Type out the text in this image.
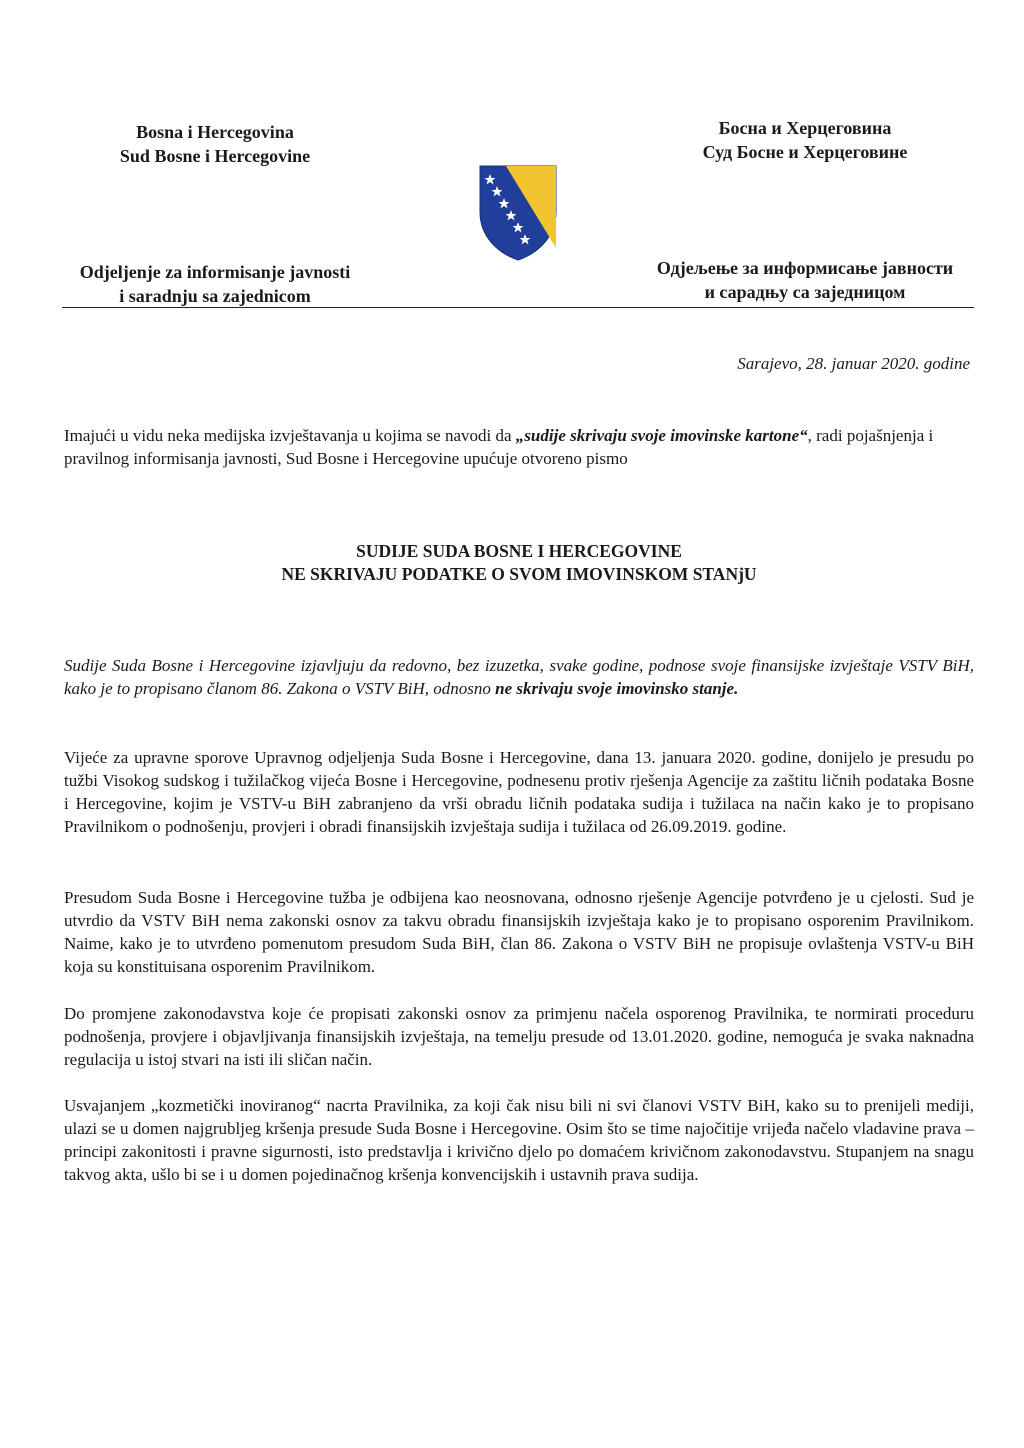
Bosna i Hercegovina
Sud Bosne i Hercegovine
Босна и Херцеговина
Суд Босне и Херцеговине
Odjeljenje za informisanje javnosti
i saradnju sa zajednicom
Одјељење за информисање јавности
и сарадњу са заједницом
Sarajevo, 28. januar 2020. godine
Imajući u vidu neka medijska izvještavanja u kojima se navodi da „sudije skrivaju svoje imovinske kartone“, radi pojašnjenja i pravilnog informisanja javnosti, Sud Bosne i Hercegovine upućuje otvoreno pismo
SUDIJE SUDA BOSNE I HERCEGOVINE
NE SKRIVAJU PODATKE O SVOM IMOVINSKOM STANjU
Sudije Suda Bosne i Hercegovine izjavljuju da redovno, bez izuzetka, svake godine, podnose svoje finansijske izvještaje VSTV BiH, kako je to propisano članom 86. Zakona o VSTV BiH, odnosno ne skrivaju svoje imovinsko stanje.
Vijeće za upravne sporove Upravnog odjeljenja Suda Bosne i Hercegovine, dana 13. januara 2020. godine, donijelo je presudu po tužbi Visokog sudskog i tužilačkog vijeća Bosne i Hercegovine, podnesenu protiv rješenja Agencije za zaštitu ličnih podataka Bosne i Hercegovine, kojim je VSTV-u BiH zabranjeno da vrši obradu ličnih podataka sudija i tužilaca na način kako je to propisano Pravilnikom o podnošenju, provjeri i obradi finansijskih izvještaja sudija i tužilaca od 26.09.2019. godine.
Presudom Suda Bosne i Hercegovine tužba je odbijena kao neosnovana, odnosno rješenje Agencije potvrđeno je u cjelosti. Sud je utvrdio da VSTV BiH nema zakonski osnov za takvu obradu finansijskih izvještaja kako je to propisano osporenim Pravilnikom. Naime, kako je to utvrđeno pomenutom presudom Suda BiH, član 86. Zakona o VSTV BiH ne propisuje ovlaštenja VSTV-u BiH koja su konstituisana osporenim Pravilnikom.
Do promjene zakonodavstva koje će propisati zakonski osnov za primjenu načela osporenog Pravilnika, te normirati proceduru podnošenja, provjere i objavljivanja finansijskih izvještaja, na temelju presude od 13.01.2020. godine, nemoguća je svaka naknadna regulacija u istoj stvari na isti ili sličan način.
Usvajanjem „kozmetički inoviranog“ nacrta Pravilnika, za koji čak nisu bili ni svi članovi VSTV BiH, kako su to prenijeli mediji, ulazi se u domen najgrubljeg kršenja presude Suda Bosne i Hercegovine. Osim što se time najočitije vrijeđa načelo vladavine prava – principi zakonitosti i pravne sigurnosti, isto predstavlja i krivično djelo po domaćem krivičnom zakonodavstvu. Stupanjem na snagu takvog akta, ušlo bi se i u domen pojedinačnog kršenja konvencijskih i ustavnih prava sudija.
